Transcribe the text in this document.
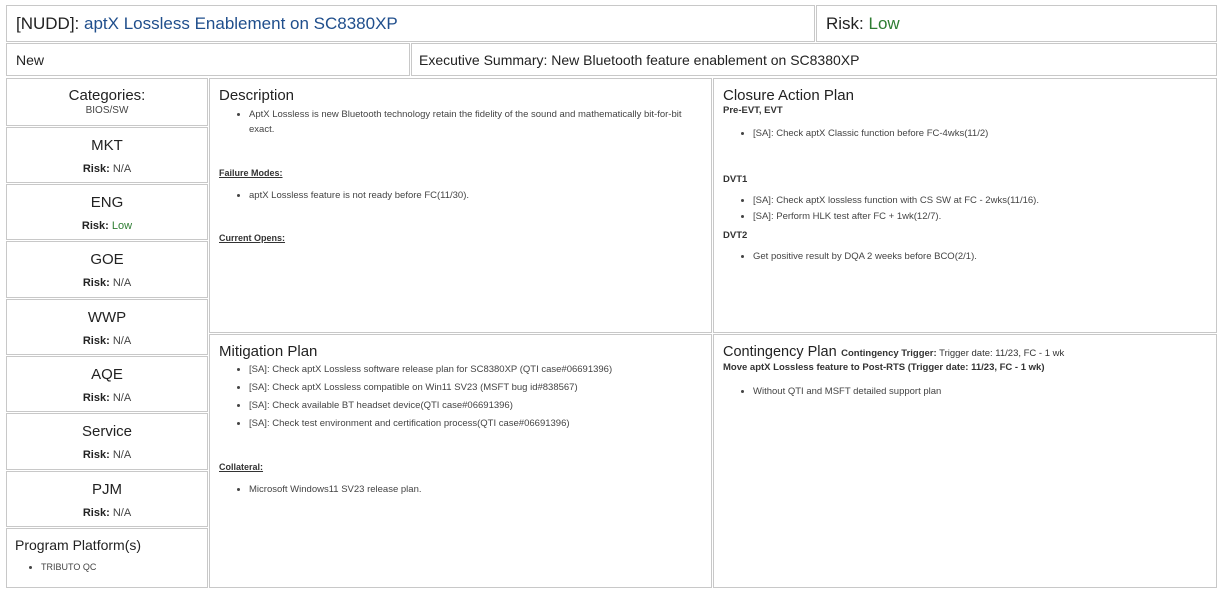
[NUDD]: aptX Lossless Enablement on SC8380XP	Risk: Low
New	Executive Summary: New Bluetooth feature enablement on SC8380XP
Categories:
BIOS/SW
MKT
Risk: N/A
ENG
Risk: Low
GOE
Risk: N/A
WWP
Risk: N/A
AQE
Risk: N/A
Service
Risk: N/A
PJM
Risk: N/A
Program Platform(s)
• TRIBUTO QC
Description
• AptX Lossless is new Bluetooth technology retain the fidelity of the sound and mathematically bit-for-bit exact.
Failure Modes:
• aptX Lossless feature is not ready before FC(11/30).
Current Opens:
Closure Action Plan
Pre-EVT, EVT
• [SA]: Check aptX Classic function before FC-4wks(11/2)
DVT1
• [SA]: Check aptX lossless function with CS SW at FC - 2wks(11/16).
• [SA]: Perform HLK test after FC + 1wk(12/7).
DVT2
• Get positive result by DQA 2 weeks before BCO(2/1).
Mitigation Plan
• [SA]: Check aptX Lossless software release plan for SC8380XP (QTI case#06691396)
• [SA]: Check aptX Lossless compatible on Win11 SV23 (MSFT bug id#838567)
• [SA]: Check available BT headset device(QTI case#06691396)
• [SA]: Check test environment and certification process(QTI case#06691396)
Collateral:
• Microsoft Windows11 SV23 release plan.
Contingency Plan Contingency Trigger: Trigger date: 11/23, FC - 1 wk
Move aptX Lossless feature to Post-RTS (Trigger date: 11/23, FC - 1 wk)
• Without QTI and MSFT detailed support plan
